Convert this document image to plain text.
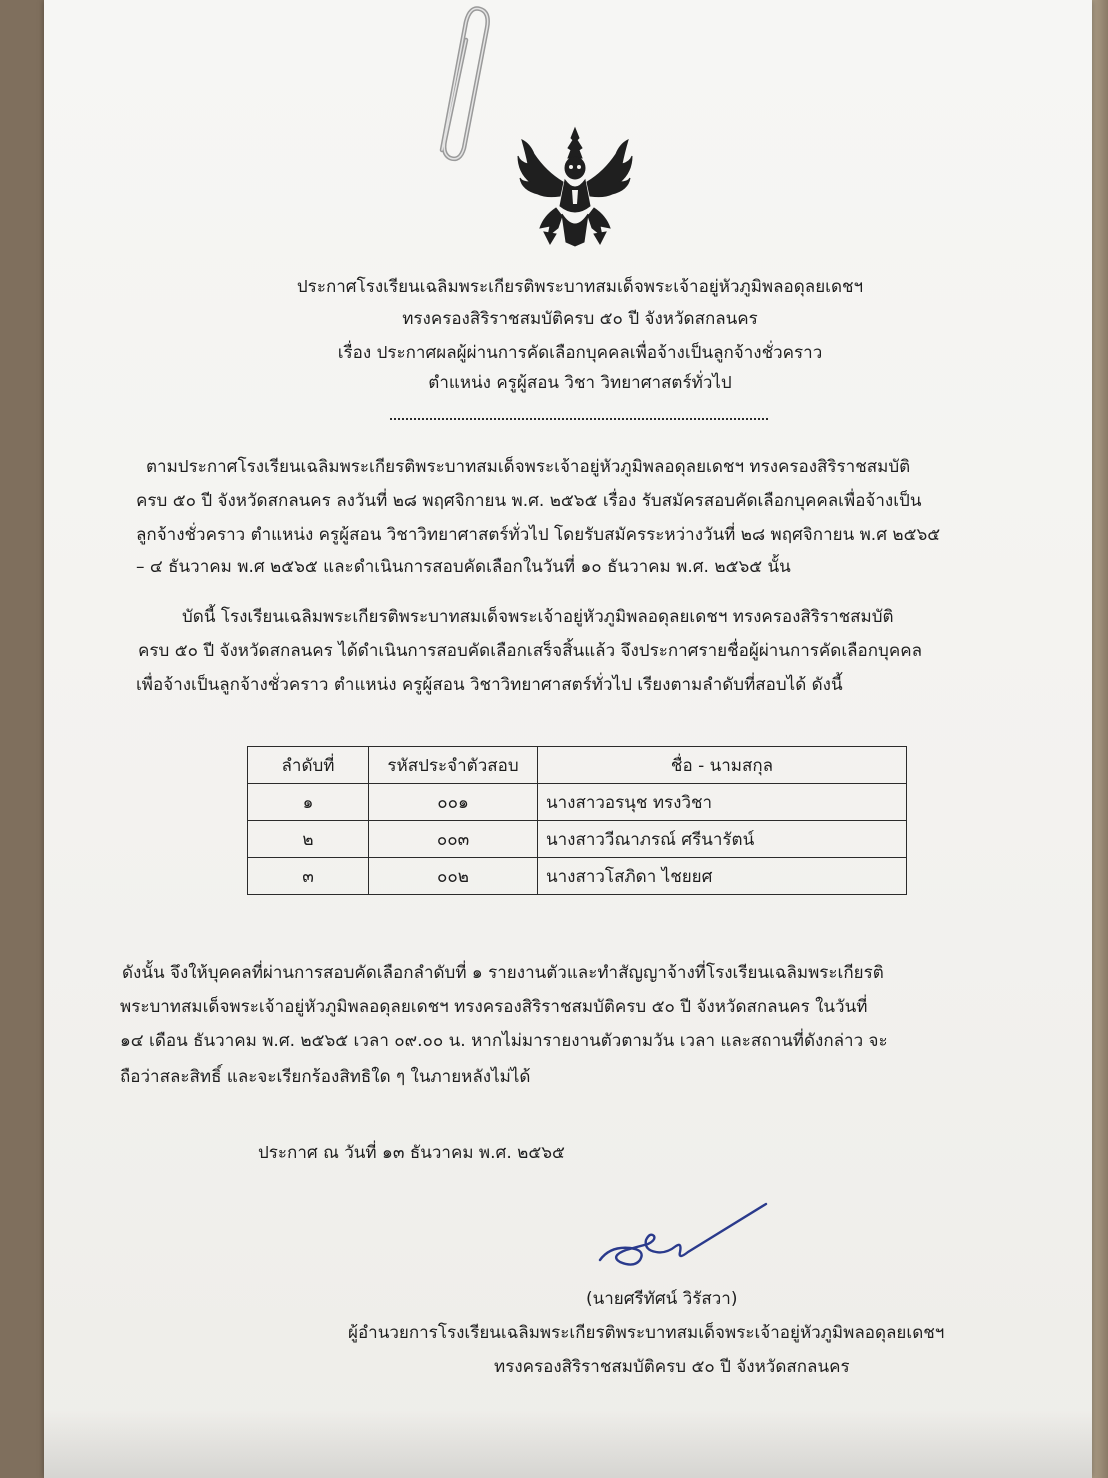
ประกาศโรงเรียนเฉลิมพระเกียรติพระบาทสมเด็จพระเจ้าอยู่หัวภูมิพลอดุลยเดชฯ
ทรงครองสิริราชสมบัติครบ ๕๐ ปี จังหวัดสกลนคร
เรื่อง ประกาศผลผู้ผ่านการคัดเลือกบุคคลเพื่อจ้างเป็นลูกจ้างชั่วคราว
ตำแหน่ง ครูผู้สอน วิชา วิทยาศาสตร์ทั่วไป
ตามประกาศโรงเรียนเฉลิมพระเกียรติพระบาทสมเด็จพระเจ้าอยู่หัวภูมิพลอดุลยเดชฯ ทรงครองสิริราชสมบัติ
ครบ ๕๐ ปี จังหวัดสกลนคร ลงวันที่ ๒๘ พฤศจิกายน พ.ศ. ๒๕๖๕ เรื่อง รับสมัครสอบคัดเลือกบุคคลเพื่อจ้างเป็น
ลูกจ้างชั่วคราว ตำแหน่ง ครูผู้สอน วิชาวิทยาศาสตร์ทั่วไป โดยรับสมัครระหว่างวันที่ ๒๘ พฤศจิกายน พ.ศ ๒๕๖๕
– ๔ ธันวาคม พ.ศ ๒๕๖๕ และดำเนินการสอบคัดเลือกในวันที่ ๑๐ ธันวาคม พ.ศ. ๒๕๖๕ นั้น
บัดนี้ โรงเรียนเฉลิมพระเกียรติพระบาทสมเด็จพระเจ้าอยู่หัวภูมิพลอดุลยเดชฯ ทรงครองสิริราชสมบัติ
ครบ ๕๐ ปี จังหวัดสกลนคร ได้ดำเนินการสอบคัดเลือกเสร็จสิ้นแล้ว จึงประกาศรายชื่อผู้ผ่านการคัดเลือกบุคคล
เพื่อจ้างเป็นลูกจ้างชั่วคราว ตำแหน่ง ครูผู้สอน วิชาวิทยาศาสตร์ทั่วไป เรียงตามลำดับที่สอบได้ ดังนี้
ลำดับที่	รหัสประจำตัวสอบ	ชื่อ - นามสกุล
๑	๐๐๑	นางสาวอรนุช ทรงวิชา
๒	๐๐๓	นางสาววีณาภรณ์ ศรีนารัตน์
๓	๐๐๒	นางสาวโสภิดา ไชยยศ
ดังนั้น จึงให้บุคคลที่ผ่านการสอบคัดเลือกลำดับที่ ๑ รายงานตัวและทำสัญญาจ้างที่โรงเรียนเฉลิมพระเกียรติ
พระบาทสมเด็จพระเจ้าอยู่หัวภูมิพลอดุลยเดชฯ ทรงครองสิริราชสมบัติครบ ๕๐ ปี จังหวัดสกลนคร ในวันที่
๑๔ เดือน ธันวาคม พ.ศ. ๒๕๖๕ เวลา ๐๙.๐๐ น. หากไม่มารายงานตัวตามวัน เวลา และสถานที่ดังกล่าว จะ
ถือว่าสละสิทธิ์ และจะเรียกร้องสิทธิใด ๆ ในภายหลังไม่ได้
ประกาศ ณ วันที่ ๑๓ ธันวาคม พ.ศ. ๒๕๖๕
(นายศรีทัศน์ วิรัสวา)
ผู้อำนวยการโรงเรียนเฉลิมพระเกียรติพระบาทสมเด็จพระเจ้าอยู่หัวภูมิพลอดุลยเดชฯ
ทรงครองสิริราชสมบัติครบ ๕๐ ปี จังหวัดสกลนคร
